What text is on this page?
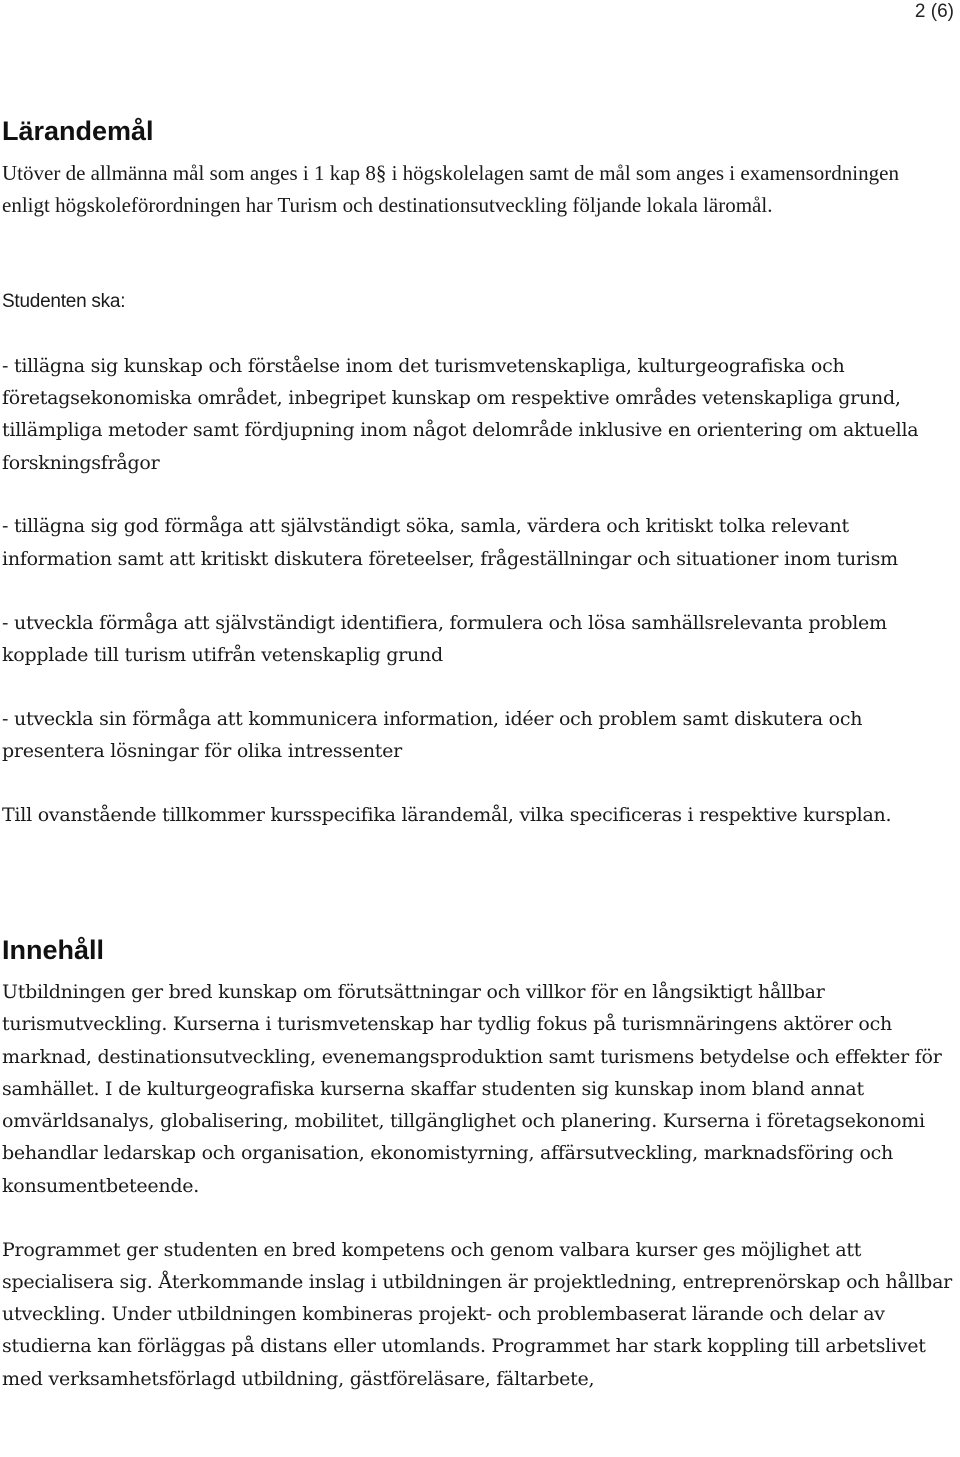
2 (6)
Lärandemål

Utöver de allmänna mål som anges i 1 kap 8§ i högskolelagen samt de mål som anges i examensordningen enligt högskoleförordningen har Turism och destinationsutveckling följande lokala läromål.

Studenten ska:

- tillägna sig kunskap och förståelse inom det turismvetenskapliga, kulturgeografiska och företagsekonomiska området, inbegripet kunskap om respektive områdes vetenskapliga grund, tillämpliga metoder samt fördjupning inom något delområde inklusive en orientering om aktuella forskningsfrågor

- tillägna sig god förmåga att självständigt söka, samla, värdera och kritiskt tolka relevant information samt att kritiskt diskutera företeelser, frågeställningar och situationer inom turism

- utveckla förmåga att självständigt identifiera, formulera och lösa samhällsrelevanta problem kopplade till turism utifrån vetenskaplig grund

- utveckla sin förmåga att kommunicera information, idéer och problem samt diskutera och presentera lösningar för olika intressenter

Till ovanstående tillkommer kursspecifika lärandemål, vilka specificeras i respektive kursplan.

Innehåll

Utbildningen ger bred kunskap om förutsättningar och villkor för en långsiktigt hållbar turismutveckling. Kurserna i turismvetenskap har tydlig fokus på turismnäringens aktörer och marknad, destinationsutveckling, evenemangsproduktion samt turismens betydelse och effekter för samhället. I de kulturgeografiska kurserna skaffar studenten sig kunskap inom bland annat omvärldsanalys, globalisering, mobilitet, tillgänglighet och planering. Kurserna i företagsekonomi behandlar ledarskap och organisation, ekonomistyrning, affärsutveckling, marknadsföring och konsumentbeteende.

Programmet ger studenten en bred kompetens och genom valbara kurser ges möjlighet att specialisera sig. Återkommande inslag i utbildningen är projektledning, entreprenörskap och hållbar utveckling. Under utbildningen kombineras projekt- och problembaserat lärande och delar av studierna kan förläggas på distans eller utomlands. Programmet har stark koppling till arbetslivet med verksamhetsförlagd utbildning, gästföreläsare, fältarbete,
